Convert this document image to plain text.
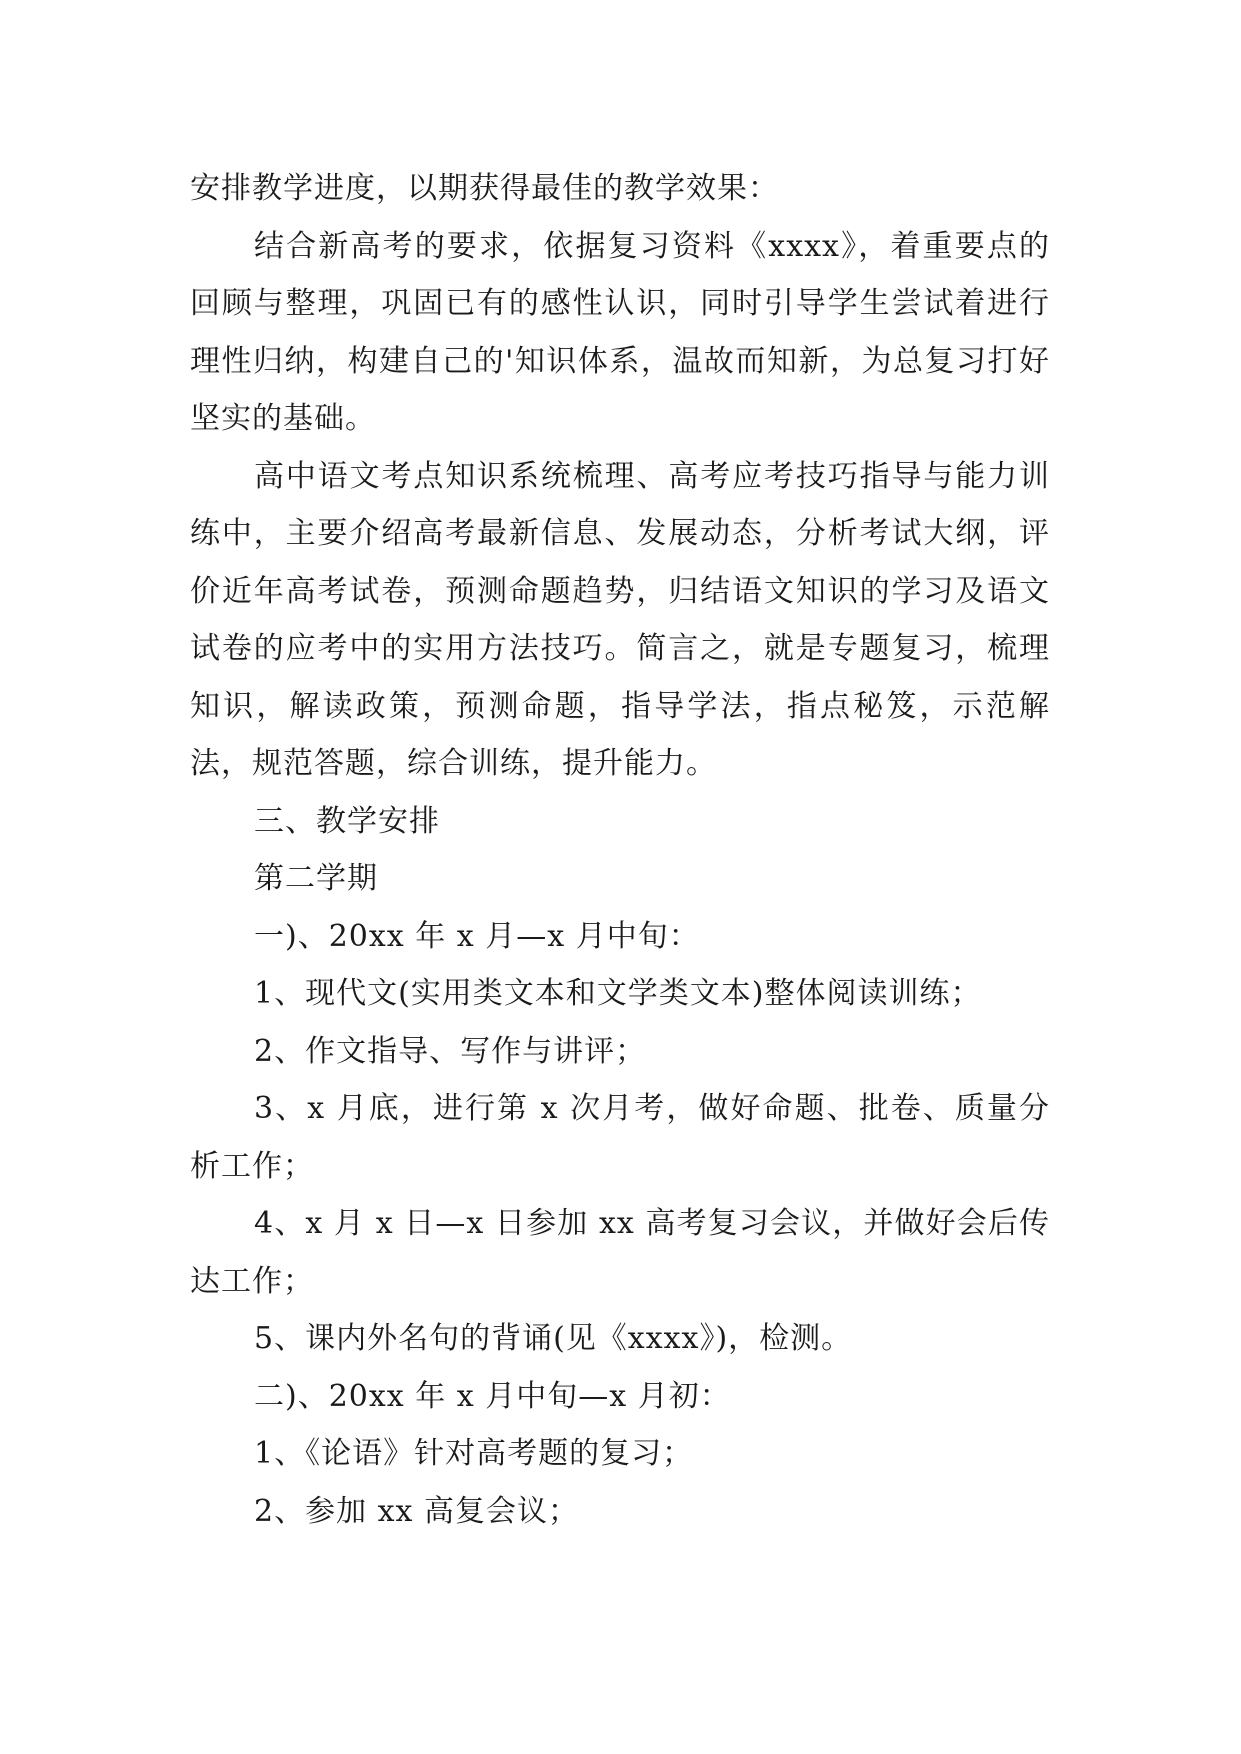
安排教学进度，以期获得最佳的教学效果：

结合新高考的要求，依据复习资料《xxxx》，着重要点的回顾与整理，巩固已有的感性认识，同时引导学生尝试着进行理性归纳，构建自己的'知识体系，温故而知新，为总复习打好坚实的基础。

高中语文考点知识系统梳理、高考应考技巧指导与能力训练中，主要介绍高考最新信息、发展动态，分析考试大纲，评价近年高考试卷，预测命题趋势，归结语文知识的学习及语文试卷的应考中的实用方法技巧。简言之，就是专题复习，梳理知识，解读政策，预测命题，指导学法，指点秘笈，示范解法，规范答题，综合训练，提升能力。

三、教学安排

第二学期

一)、20xx 年 x 月—x 月中旬：

1、现代文(实用类文本和文学类文本)整体阅读训练；

2、作文指导、写作与讲评；

3、x 月底，进行第 x 次月考，做好命题、批卷、质量分析工作；

4、x 月 x 日—x 日参加 xx 高考复习会议，并做好会后传达工作；

5、课内外名句的背诵(见《xxxx》)，检测。

二)、20xx 年 x 月中旬—x 月初：

1、《论语》针对高考题的复习；

2、参加 xx 高复会议；
